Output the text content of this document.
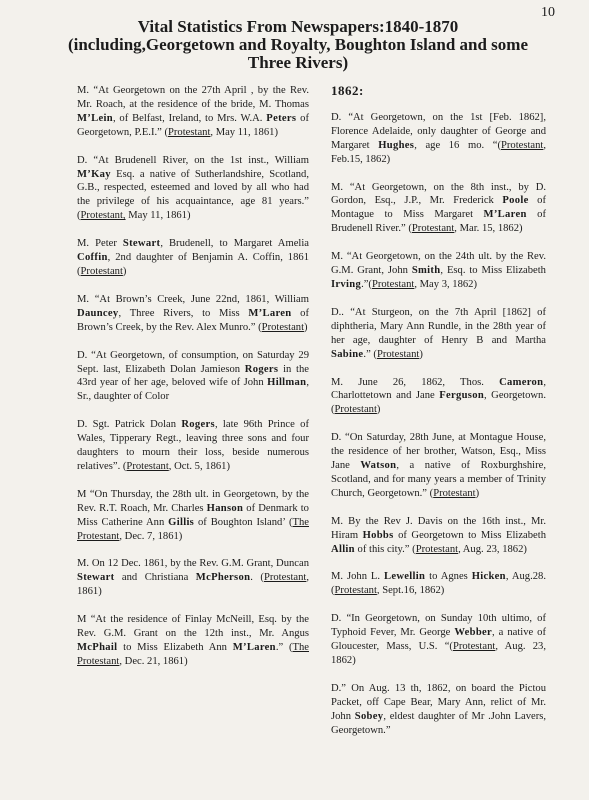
10
Vital Statistics From Newspapers:1840-1870
(including,Georgetown and Royalty, Boughton Island and some
Three Rivers)

M. “At Georgetown on the 27th April , by the Rev. Mr. Roach, at the residence of the bride, M. Thomas M’Lein, of Belfast, Ireland, to Mrs. W.A. Peters of Georgetown, P.E.I.” (Protestant, May 11, 1861)

D. “At Brudenell River, on the 1st inst., William M’Kay Esq. a native of Sutherlandshire, Scotland, G.B., respected, esteemed and loved by all who had the privilege of his acquaintance, age 81 years.” (Protestant, May 11, 1861)

M. Peter Stewart, Brudenell, to Margaret Amelia Coffin, 2nd daughter of Benjamin A. Coffin, 1861 (Protestant)

M. “At Brown’s Creek, June 22nd, 1861, William Dauncey, Three Rivers, to Miss M’Laren of Brown’s Creek, by the Rev. Alex Munro.” (Protestant)

D. “At Georgetown, of consumption, on Saturday 29 Sept. last, Elizabeth Dolan Jamieson Rogers in the 43rd year of her age, beloved wife of John Hillman, Sr., daughter of Color

D. Sgt. Patrick Dolan Rogers, late 96th Prince of Wales, Tipperary Regt., leaving three sons and four daughters to mourn their loss, beside numerous relatives”. (Protestant, Oct. 5, 1861)

M “On Thursday, the 28th ult. in Georgetown, by the Rev. R.T. Roach, Mr. Charles Hanson of Denmark to Miss Catherine Ann Gillis of Boughton Island’ (The Protestant, Dec. 7, 1861)

M. On 12 Dec. 1861, by the Rev. G.M. Grant, Duncan Stewart and Christiana McPherson. (Protestant, 1861)

M “At the residence of Finlay McNeill, Esq. by the Rev. G.M. Grant on the 12th inst., Mr. Angus McPhail to Miss Elizabeth Ann M’Laren.” (The Protestant, Dec. 21, 1861)

1862:

D. “At Georgetown, on the 1st [Feb. 1862], Florence Adelaide, only daughter of George and Margaret Hughes, age 16 mo. “(Protestant, Feb.15, 1862)

M. “At Georgetown, on the 8th inst., by D. Gordon, Esq., J.P., Mr. Frederick Poole of Montague to Miss Margaret M’Laren of Brudenell River.” (Protestant, Mar. 15, 1862)

M. “At Georgetown, on the 24th ult. by the Rev. G.M. Grant, John Smith, Esq. to Miss Elizabeth Irving.”(Protestant, May 3, 1862)

D.. “At Sturgeon, on the 7th April [1862] of diphtheria, Mary Ann Rundle, in the 28th year of her age, daughter of Henry B and Martha Sabine.” (Protestant)

M. June 26, 1862, Thos. Cameron, Charlottetown and Jane Ferguson, Georgetown. (Protestant)

D. “On Saturday, 28th June, at Montague House, the residence of her brother, Watson, Esq., Miss Jane Watson, a native of Roxburghshire, Scotland, and for many years a member of Trinity Church, Georgetown.” (Protestant)

M. By the Rev J. Davis on the 16th inst., Mr. Hiram Hobbs of Georgetown to Miss Elizabeth Allin of this city.” (Protestant, Aug. 23, 1862)

M. John L. Lewellin to Agnes Hicken, Aug.28. (Protestant, Sept.16, 1862)

D. “In Georgetown, on Sunday 10th ultimo, of Typhoid Fever, Mr. George Webber, a native of Gloucester, Mass, U.S. “(Protestant, Aug. 23, 1862)

D.” On Aug. 13 th, 1862, on board the Pictou Packet, off Cape Bear, Mary Ann, relict of Mr. John Sobey, eldest daughter of Mr .John Lavers, Georgetown.”
